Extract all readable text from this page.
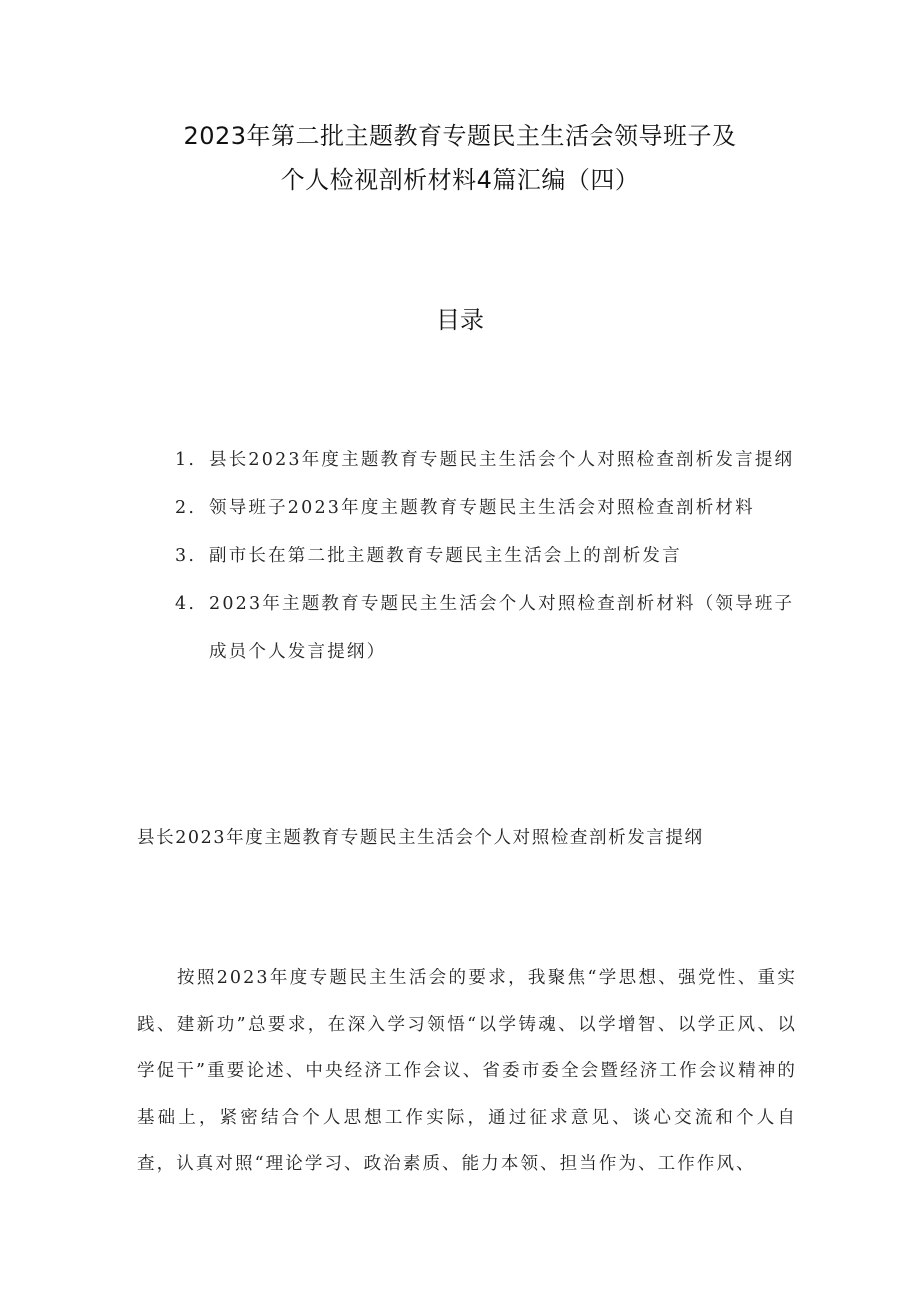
2023年第二批主题教育专题民主生活会领导班子及
个人检视剖析材料4篇汇编（四）
目录
1. 县长2023年度主题教育专题民主生活会个人对照检查剖析发言提纲
2. 领导班子2023年度主题教育专题民主生活会对照检查剖析材料
3. 副市长在第二批主题教育专题民主生活会上的剖析发言
4. 2023年主题教育专题民主生活会个人对照检查剖析材料（领导班子成员个人发言提纲）
县长2023年度主题教育专题民主生活会个人对照检查剖析发言提纲

按照2023年度专题民主生活会的要求，我聚焦“学思想、强党性、重实践、建新功”总要求，在深入学习领悟“以学铸魂、以学增智、以学正风、以学促干”重要论述、中央经济工作会议、省委市委全会暨经济工作会议精神的基础上，紧密结合个人思想工作实际，通过征求意见、谈心交流和个人自查，认真对照“理论学习、政治素质、能力本领、担当作为、工作作风、
